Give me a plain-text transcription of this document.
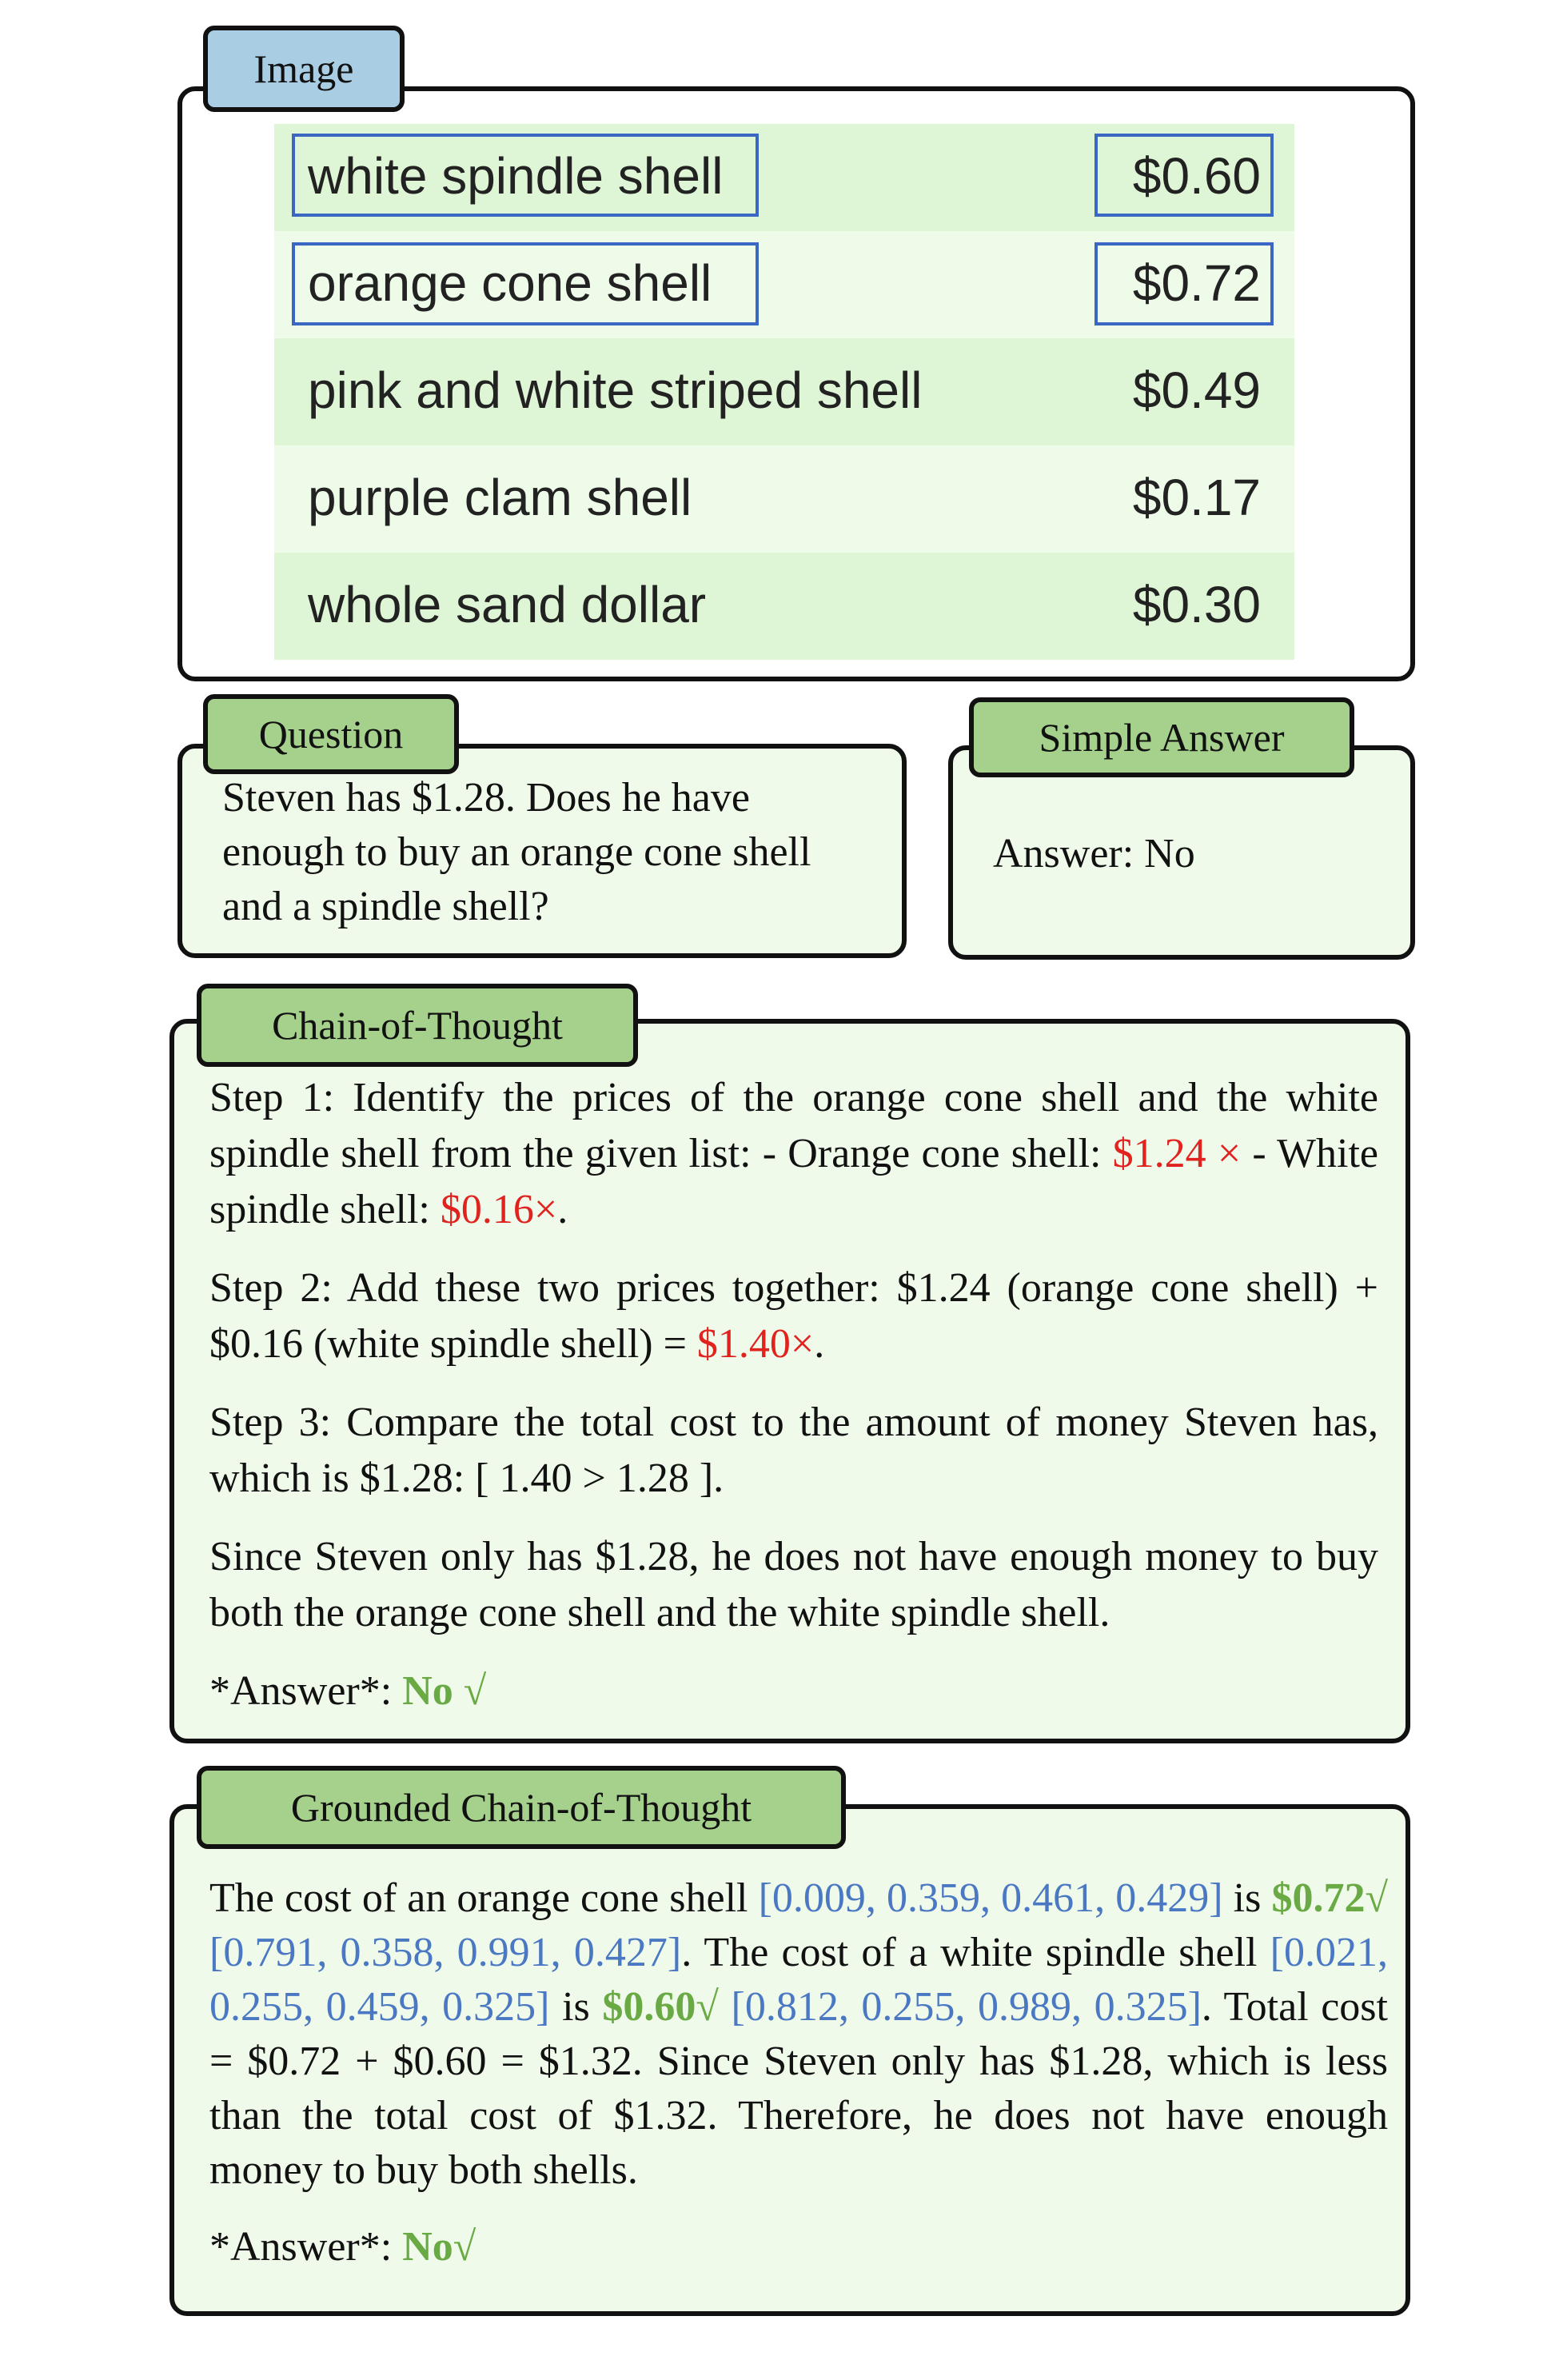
Image
white spindle shell	$0.60
orange cone shell	$0.72
pink and white striped shell	$0.49
purple clam shell	$0.17
whole sand dollar	$0.30
Question
Steven has $1.28. Does he have enough to buy an orange cone shell and a spindle shell?
Simple Answer
Answer: No
Chain-of-Thought

Step 1: Identify the prices of the orange cone shell and the white spindle shell from the given list: - Orange cone shell: $1.24 × - White spindle shell: $0.16×.

Step 2: Add these two prices together: $1.24 (orange cone shell) + $0.16 (white spindle shell) = $1.40×.

Step 3: Compare the total cost to the amount of money Steven has, which is $1.28: [ 1.40 > 1.28 ].

Since Steven only has $1.28, he does not have enough money to buy both the orange cone shell and the white spindle shell.

*Answer*: No √

Grounded Chain-of-Thought

The cost of an orange cone shell [0.009, 0.359, 0.461, 0.429] is $0.72√ [0.791, 0.358, 0.991, 0.427]. The cost of a white spindle shell [0.021, 0.255, 0.459, 0.325] is $0.60√ [0.812, 0.255, 0.989, 0.325]. Total cost = $0.72 + $0.60 = $1.32. Since Steven only has $1.28, which is less than the total cost of $1.32. Therefore, he does not have enough money to buy both shells.

*Answer*: No√
